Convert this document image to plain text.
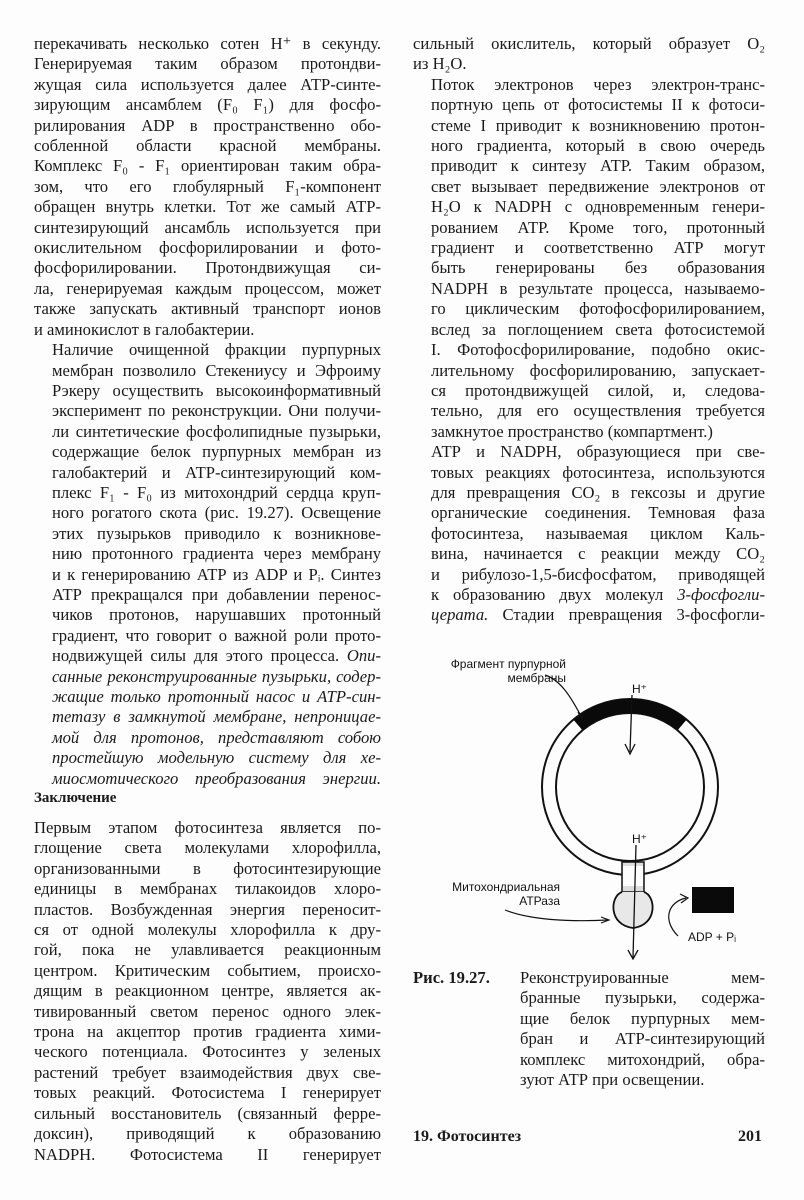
перекачивать несколько сотен H⁺ в секунду.
Генерируемая таким образом протондви-
жущая сила используется далее АТР-синте-
зирующим ансамблем (F₀ F₁) для фосфо-
рилирования ADP в пространственно обо-
собленной области красной мембраны.
Комплекс F₀ - F₁ ориентирован таким обра-
зом, что его глобулярный F₁-компонент
обращен внутрь клетки. Тот же самый АТР-
синтезирующий ансамбль используется при
окислительном фосфорилировании и фото-
фосфорилировании. Протондвижущая си-
ла, генерируемая каждым процессом, может
также запускать активный транспорт ионов
и аминокислот в галобактерии.

Наличие очищенной фракции пурпурных
мембран позволило Стекениусу и Эфроиму
Рэкеру осуществить высокоинформативный
эксперимент по реконструкции. Они получи-
ли синтетические фосфолипидные пузырьки,
содержащие белок пурпурных мембран из
галобактерий и АТР-синтезирующий ком-
плекс F₁ - F₀ из митохондрий сердца круп-
ного рогатого скота (рис. 19.27). Освещение
этих пузырьков приводило к возникнове-
нию протонного градиента через мембрану
и к генерированию АТР из ADP и Pᵢ. Синтез
АТР прекращался при добавлении перенос-
чиков протонов, нарушавших протонный
градиент, что говорит о важной роли прото-
нодвижущей силы для этого процесса. Опи-
санные реконструированные пузырьки, содер-
жащие только протонный насос и АТР-син-
тетазу в замкнутой мембране, непроницае-
мой для протонов, представляют собою
простейшую модельную систему для хе-
миосмотического преобразования энергии.

Заключение
Первым этапом фотосинтеза является по-
глощение света молекулами хлорофилла,
организованными в фотосинтезирующие
единицы в мембранах тилакоидов хлоро-
пластов. Возбужденная энергия переносит-
ся от одной молекулы хлорофилла к дру-
гой, пока не улавливается реакционным
центром. Критическим событием, происхо-
дящим в реакционном центре, является ак-
тивированный светом перенос одного элек-
трона на акцептор против градиента хими-
ческого потенциала. Фотосинтез у зеленых
растений требует взаимодействия двух све-
товых реакций. Фотосистема I генерирует
сильный восстановитель (связанный ферре-
доксин), приводящий к образованию
NADPH. Фотосистема II генерирует

сильный окислитель, который образует O₂
из H₂O.

Поток электронов через электрон-транс-
портную цепь от фотосистемы II к фотоси-
стеме I приводит к возникновению протон-
ного градиента, который в свою очередь
приводит к синтезу АТР. Таким образом,
свет вызывает передвижение электронов от
H₂O к NADPH с одновременным генери-
рованием АТР. Кроме того, протонный
градиент и соответственно АТР могут
быть генерированы без образования
NADPH в результате процесса, называемо-
го циклическим фотофосфорилированием,
вслед за поглощением света фотосистемой
I. Фотофосфорилирование, подобно окис-
лительному фосфорилированию, запускает-
ся протондвижущей силой, и, следова-
тельно, для его осуществления требуется
замкнутое пространство (компартмент.)

АТР и NADPH, образующиеся при све-
товых реакциях фотосинтеза, используются
для превращения CO₂ в гексозы и другие
органические соединения. Темновая фаза
фотосинтеза, называемая циклом Каль-
вина, начинается с реакции между CO₂
и рибулозо-1,5-бисфосфатом, приводящей
к образованию двух молекул 3-фосфогли-
церата. Стадии превращения 3-фосфогли-

Фрагмент пурпурной
мембраны
H⁺
H⁺
Митохондриальная
АТРаза
ADP + Pᵢ
Рис. 19.27. Реконструированные мем-
бранные пузырьки, содержа-
щие белок пурпурных мем-
бран и АТР-синтезирующий
комплекс митохондрий, обра-
зуют АТР при освещении.
19. Фотосинтез	201
